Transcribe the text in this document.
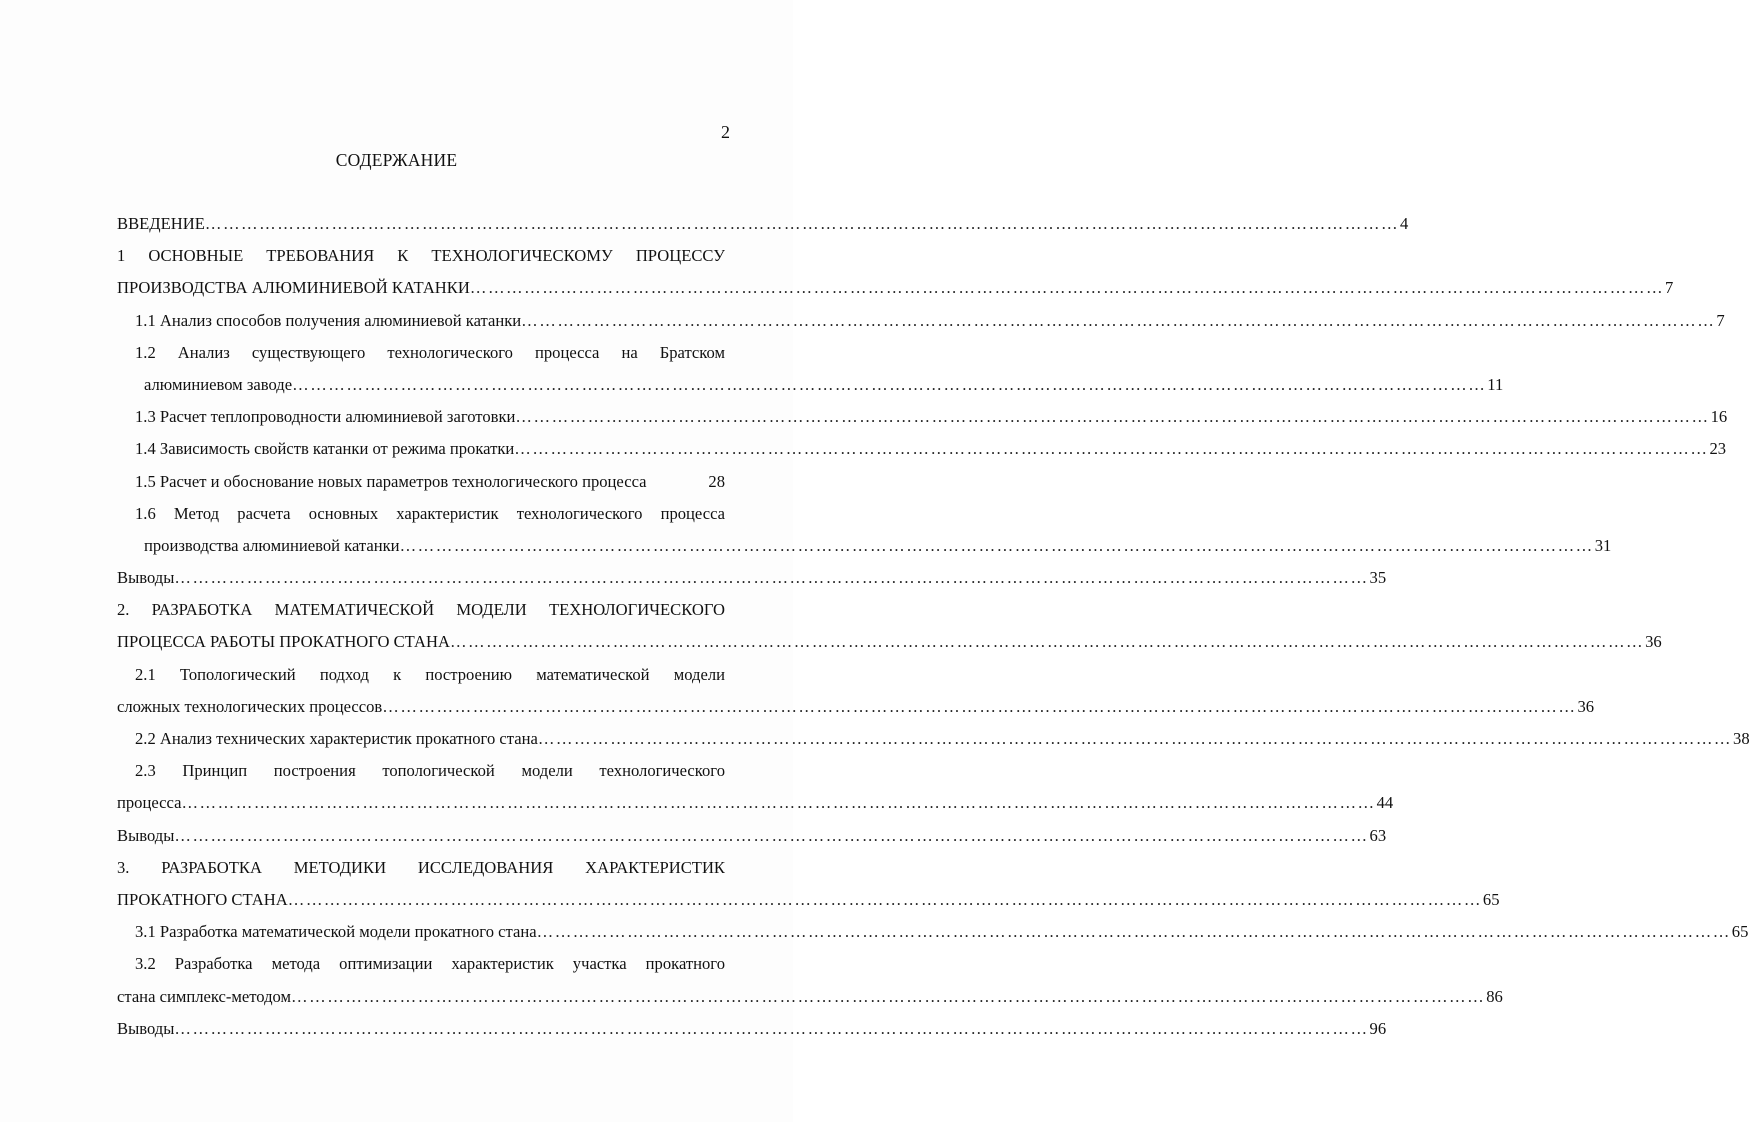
2
СОДЕРЖАНИЕ
ВВЕДЕНИЕ ……………………………………………………………………………………………………………………………………………………………………………… 4
1 ОСНОВНЫЕ ТРЕБОВАНИЯ К ТЕХНОЛОГИЧЕСКОМУ ПРОЦЕССУ
ПРОИЗВОДСТВА АЛЮМИНИЕВОЙ КАТАНКИ ……………………………………………………………………………………………………………………………………………………………………………… 7
1.1 Анализ способов получения алюминиевой катанки ……………………………………………………………………………………………………………………………………………………………………………… 7
1.2 Анализ существующего технологического процесса на Братском
алюминиевом заводе ……………………………………………………………………………………………………………………………………………………………………………… 11
1.3 Расчет теплопроводности алюминиевой заготовки ……………………………………………………………………………………………………………………………………………………………………………… 16
1.4 Зависимость свойств катанки от режима прокатки ……………………………………………………………………………………………………………………………………………………………………………… 23
1.5 Расчет и обоснование новых параметров технологического процесса	28
1.6 Метод расчета основных характеристик технологического процесса
производства алюминиевой катанки ……………………………………………………………………………………………………………………………………………………………………………… 31
Выводы ……………………………………………………………………………………………………………………………………………………………………………… 35
2. РАЗРАБОТКА МАТЕМАТИЧЕСКОЙ МОДЕЛИ ТЕХНОЛОГИЧЕСКОГО
ПРОЦЕССА РАБОТЫ ПРОКАТНОГО СТАНА ……………………………………………………………………………………………………………………………………………………………………………… 36
2.1 Топологический подход к построению математической модели
сложных технологических процессов ……………………………………………………………………………………………………………………………………………………………………………… 36
2.2 Анализ технических характеристик прокатного стана ……………………………………………………………………………………………………………………………………………………………………………… 38
2.3 Принцип построения топологической модели технологического
процесса ……………………………………………………………………………………………………………………………………………………………………………… 44
Выводы ……………………………………………………………………………………………………………………………………………………………………………… 63
3. РАЗРАБОТКА МЕТОДИКИ ИССЛЕДОВАНИЯ ХАРАКТЕРИСТИК
ПРОКАТНОГО СТАНА ……………………………………………………………………………………………………………………………………………………………………………… 65
3.1 Разработка математической модели прокатного стана ……………………………………………………………………………………………………………………………………………………………………………… 65
3.2 Разработка метода оптимизации характеристик участка прокатного
стана симплекс-методом ……………………………………………………………………………………………………………………………………………………………………………… 86
Выводы ……………………………………………………………………………………………………………………………………………………………………………… 96
